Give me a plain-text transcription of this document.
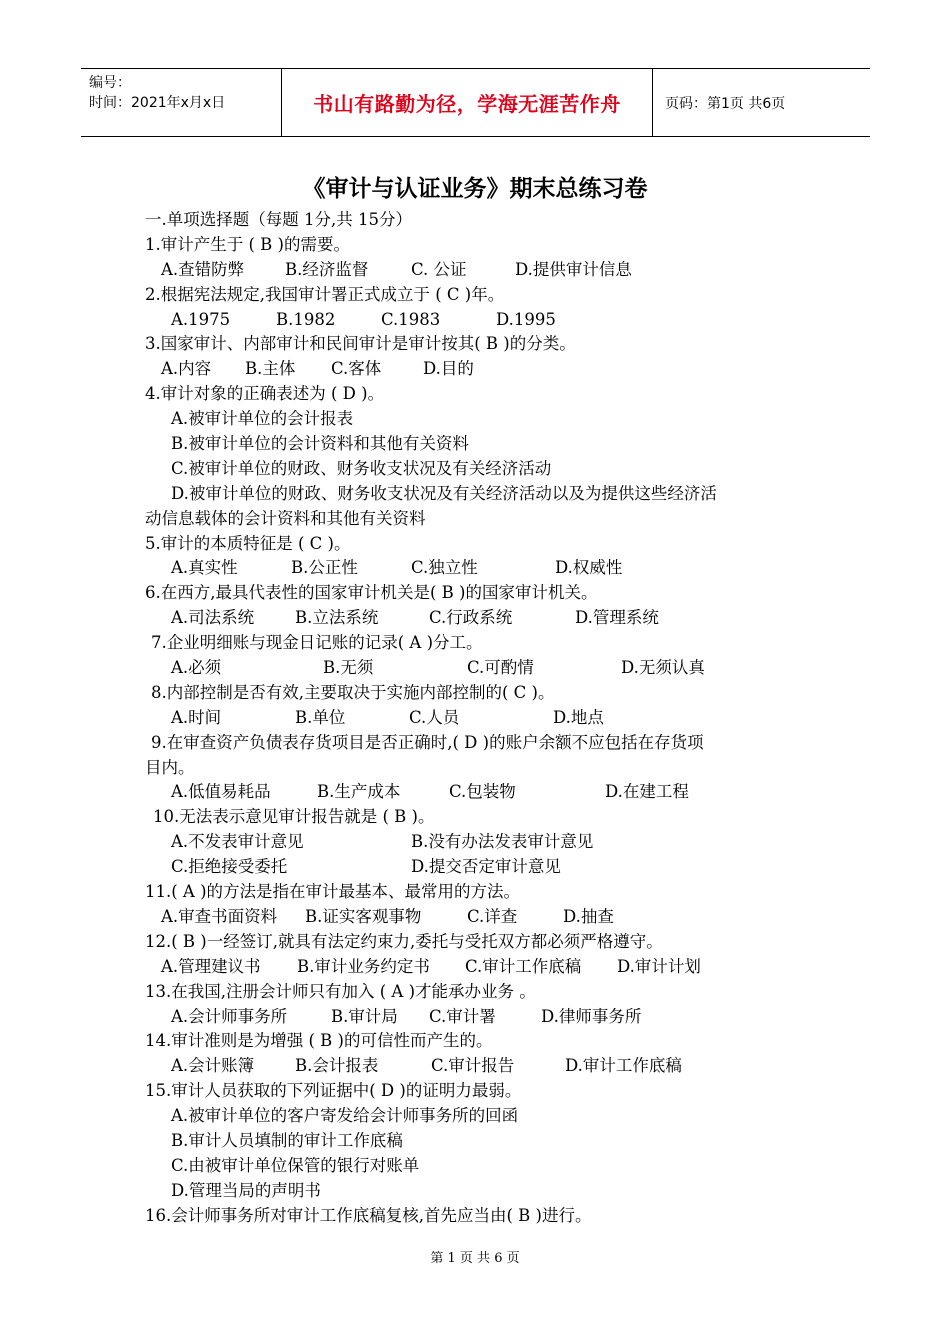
编号：
时间：2021年x月x日	书山有路勤为径，学海无涯苦作舟	页码：第1页 共6页
《审计与认证业务》期末总练习卷
一.单项选择题（每题 1分,共 15分）
1.审计产生于 ( B )的需要。
A.查错防弊 B.经济监督	C. 公证	D.提供审计信息
2.根据宪法规定,我国审计署正式成立于 ( C )年。
A.1975	B.1982	C.1983	D.1995
3.国家审计、内部审计和民间审计是审计按其( B )的分类。
A.内容 B.主体 C.客体	D.目的
4.审计对象的正确表述为 ( D )。
A.被审计单位的会计报表
B.被审计单位的会计资料和其他有关资料
C.被审计单位的财政、财务收支状况及有关经济活动
D.被审计单位的财政、财务收支状况及有关经济活动以及为提供这些经济活
动信息载体的会计资料和其他有关资料
5.审计的本质特征是 ( C )。
A.真实性	B.公正性	C.独立性	D.权威性
6.在西方,最具代表性的国家审计机关是( B )的国家审计机关。
A.司法系统 B.立法系统	C.行政系统	D.管理系统
7.企业明细账与现金日记账的记录( A )分工。
A.必须	B.无须	C.可酌情	D.无须认真
8.内部控制是否有效,主要取决于实施内部控制的( C )。
A.时间	B.单位	C.人员	D.地点
9.在审查资产负债表存货项目是否正确时,( D )的账户余额不应包括在存货项
目内。
A.低值易耗品	B.生产成本	C.包装物	D.在建工程
10.无法表示意见审计报告就是 ( B )。
A.不发表审计意见	B.没有办法发表审计意见
C.拒绝接受委托	D.提交否定审计意见
11.( A )的方法是指在审计最基本、最常用的方法。
A.审查书面资料 B.证实客观事物	C.详查	D.抽查
12.( B )一经签订,就具有法定约束力,委托与受托双方都必须严格遵守。
A.管理建议书 B.审计业务约定书 C.审计工作底稿 D.审计计划
13.在我国,注册会计师只有加入 ( A )才能承办业务 。
A.会计师事务所	B.审计局 C.审计署	D.律师事务所
14.审计准则是为增强 ( B )的可信性而产生的。
A.会计账簿 B.会计报表	C.审计报告	D.审计工作底稿
15.审计人员获取的下列证据中( D )的证明力最弱。
A.被审计单位的客户寄发给会计师事务所的回函
B.审计人员填制的审计工作底稿
C.由被审计单位保管的银行对账单
D.管理当局的声明书
16.会计师事务所对审计工作底稿复核,首先应当由( B )进行。
第 1 页 共 6 页
